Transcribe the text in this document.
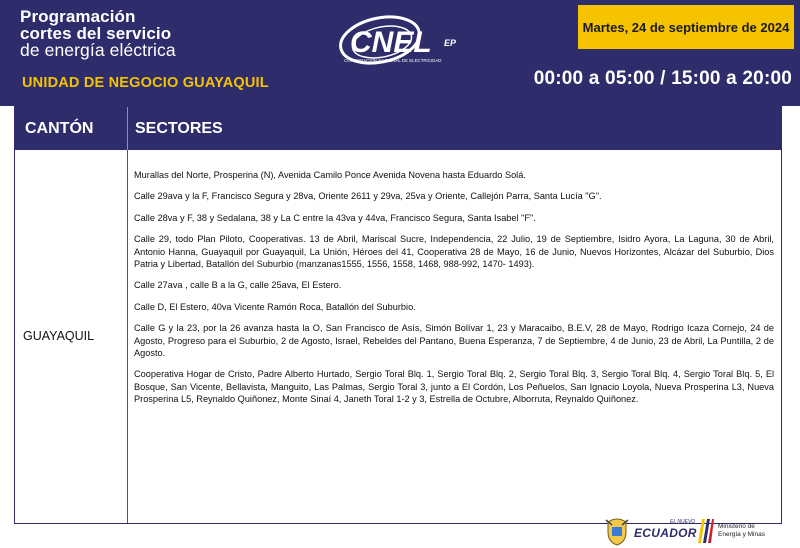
Programación
cortes del servicio
de energía eléctrica
UNIDAD DE NEGOCIO GUAYAQUIL
CNEL EP
CORPORACIÓN NACIONAL DE ELECTRICIDAD
Martes, 24 de septiembre de 2024
00:00 a 05:00 / 15:00 a 20:00
CANTÓN	SECTORES
GUAYAQUIL
Murallas del Norte, Prosperina (N), Avenida Camilo Ponce Avenida Novena hasta Eduardo Solá.
Calle 29ava y la F, Francisco Segura y 28va, Oriente 2611 y 29va, 25va y Oriente, Callejón Parra, Santa Lucía "G".
Calle 28va y F, 38 y Sedalana, 38 y La C entre la 43va y 44va, Francisco Segura, Santa Isabel "F".
Calle 29, todo Plan Piloto, Cooperativas. 13 de Abril, Mariscal Sucre, Independencia, 22 Julio, 19 de Septiembre, Isidro Ayora, La Laguna, 30 de Abril, Antonio Hanna, Guayaquil por Guayaquil, La Unión, Héroes del 41, Cooperativa 28 de Mayo, 16 de Junio, Nuevos Horizontes, Alcázar del Suburbio, Dios Patria y Libertad, Batallón del Suburbio (manzanas1555, 1556, 1558, 1468, 988-992, 1470- 1493).
Calle 27ava , calle B a la G, calle 25ava, El Estero.
Calle D, El Estero, 40va Vicente Ramón Roca, Batallón del Suburbio.
Calle G y la 23, por la 26 avanza hasta la O, San Francisco de Asís, Simón Bolívar 1, 23 y Maracaibo, B.E.V, 28 de Mayo, Rodrigo Icaza Cornejo, 24 de Agosto, Progreso para el Suburbio, 2 de Agosto, Israel, Rebeldes del Pantano, Buena Esperanza, 7 de Septiembre, 4 de Junio, 23 de Abril, La Puntilla, 2 de Agosto.
Cooperativa Hogar de Cristo, Padre Alberto Hurtado, Sergio Toral Blq. 1, Sergio Toral Blq. 2, Sergio Toral Blq. 3, Sergio Toral Blq. 4, Sergio Toral Blq. 5, El Bosque, San Vicente, Bellavista, Manguito, Las Palmas, Sergio Toral 3, junto a El Cordón, Los Peñuelos, San Ignacio Loyola, Nueva Prosperina L3, Nueva Prosperina L5, Reynaldo Quiñonez, Monte Sinaí 4, Janeth Toral 1-2 y 3, Estrella de Octubre, Alborruta, Reynaldo Quiñonez.
EL NUEVO
ECUADOR	Ministerio de
Energía y Minas
